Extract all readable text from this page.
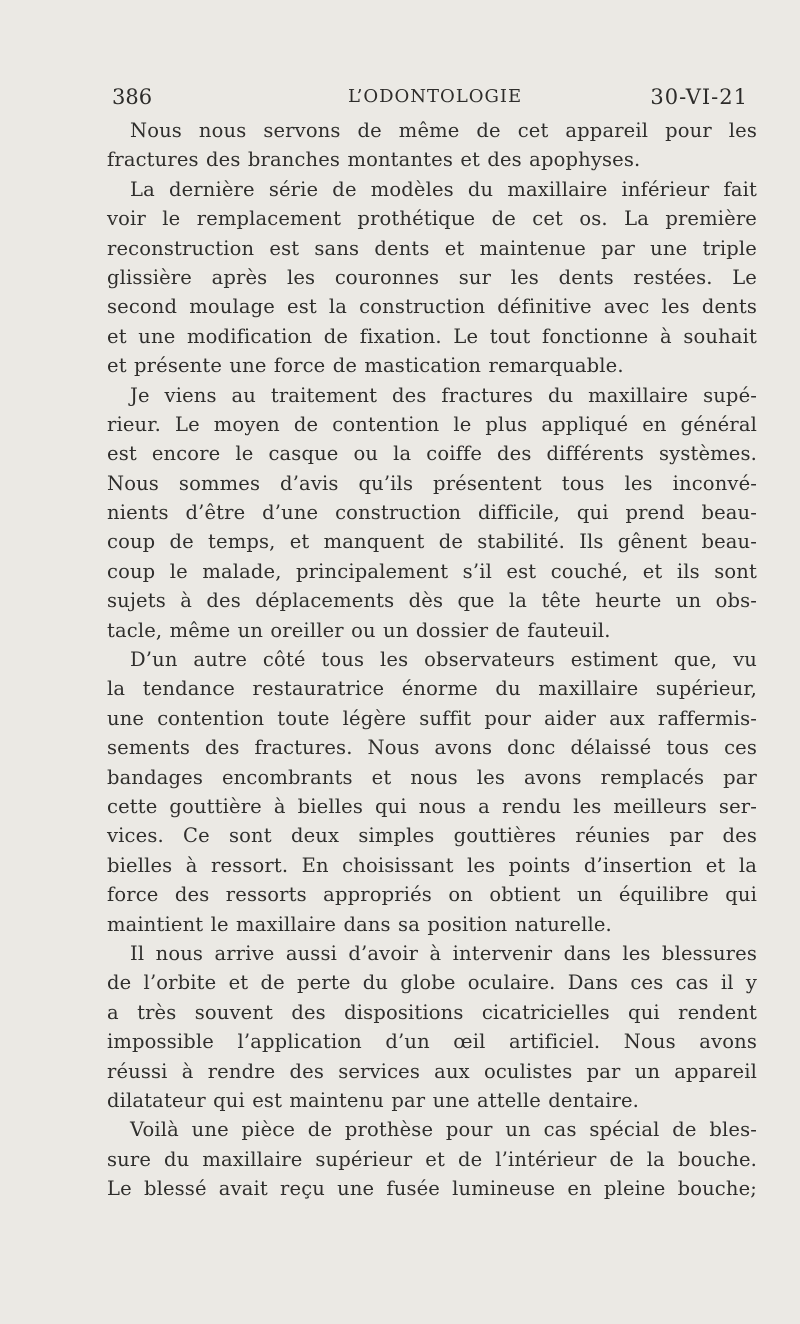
386	L’ODONTOLOGIE	30-VI-21
Nous nous servons de même de cet appareil pour les
fractures des branches montantes et des apophyses.
La dernière série de modèles du maxillaire inférieur fait
voir le remplacement prothétique de cet os. La première
reconstruction est sans dents et maintenue par une triple
glissière après les couronnes sur les dents restées. Le
second moulage est la construction définitive avec les dents
et une modification de fixation. Le tout fonctionne à souhait
et présente une force de mastication remarquable.
Je viens au traitement des fractures du maxillaire supé-
rieur. Le moyen de contention le plus appliqué en général
est encore le casque ou la coiffe des différents systèmes.
Nous sommes d’avis qu’ils présentent tous les inconvé-
nients d’être d’une construction difficile, qui prend beau-
coup de temps, et manquent de stabilité. Ils gênent beau-
coup le malade, principalement s’il est couché, et ils sont
sujets à des déplacements dès que la tête heurte un obs-
tacle, même un oreiller ou un dossier de fauteuil.
D’un autre côté tous les observateurs estiment que, vu
la tendance restauratrice énorme du maxillaire supérieur,
une contention toute légère suffit pour aider aux raffermis-
sements des fractures. Nous avons donc délaissé tous ces
bandages encombrants et nous les avons remplacés par
cette gouttière à bielles qui nous a rendu les meilleurs ser-
vices. Ce sont deux simples gouttières réunies par des
bielles à ressort. En choisissant les points d’insertion et la
force des ressorts appropriés on obtient un équilibre qui
maintient le maxillaire dans sa position naturelle.
Il nous arrive aussi d’avoir à intervenir dans les blessures
de l’orbite et de perte du globe oculaire. Dans ces cas il y
a très souvent des dispositions cicatricielles qui rendent
impossible l’application d’un œil artificiel. Nous avons
réussi à rendre des services aux oculistes par un appareil
dilatateur qui est maintenu par une attelle dentaire.
Voilà une pièce de prothèse pour un cas spécial de bles-
sure du maxillaire supérieur et de l’intérieur de la bouche.
Le blessé avait reçu une fusée lumineuse en pleine bouche;
